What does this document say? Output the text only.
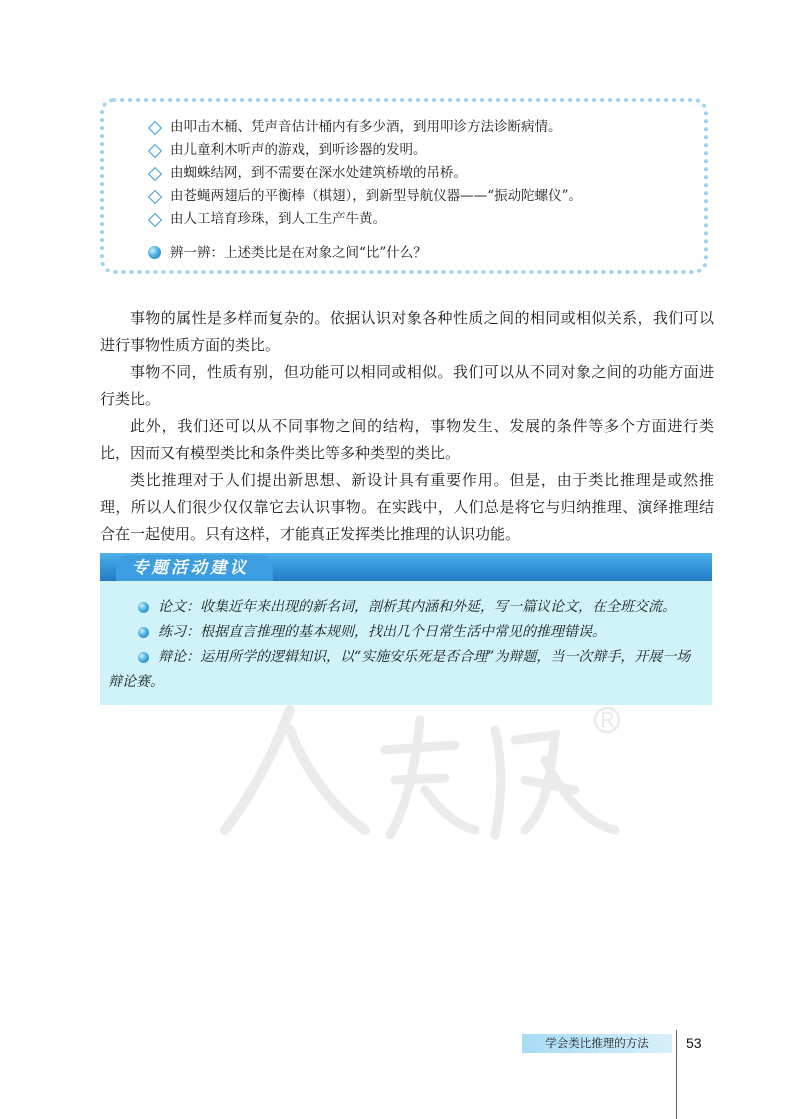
由叩击木桶、凭声音估计桶内有多少酒，到用叩诊方法诊断病情。
由儿童利木听声的游戏，到听诊器的发明。
由蜘蛛结网，到不需要在深水处建筑桥墩的吊桥。
由苍蝇两翅后的平衡棒（棋翅），到新型导航仪器——“振动陀螺仪”。
由人工培育珍珠，到人工生产牛黄。
辨一辨：上述类比是在对象之间“比”什么？

事物的属性是多样而复杂的。依据认识对象各种性质之间的相同或相似关系，我们可以进行事物性质方面的类比。

事物不同，性质有别，但功能可以相同或相似。我们可以从不同对象之间的功能方面进行类比。

此外，我们还可以从不同事物之间的结构，事物发生、发展的条件等多个方面进行类比，因而又有模型类比和条件类比等多种类型的类比。

类比推理对于人们提出新思想、新设计具有重要作用。但是，由于类比推理是或然推理，所以人们很少仅仅靠它去认识事物。在实践中，人们总是将它与归纳推理、演绎推理结合在一起使用。只有这样，才能真正发挥类比推理的认识功能。

专题活动建议
论文：收集近年来出现的新名词，剖析其内涵和外延，写一篇议论文，在全班交流。
练习：根据直言推理的基本规则，找出几个日常生活中常见的推理错误。
辩论：运用所学的逻辑知识，以“实施安乐死是否合理”为辩题，当一次辩手，开展一场辩论赛。
学会类比推理的方法	53
